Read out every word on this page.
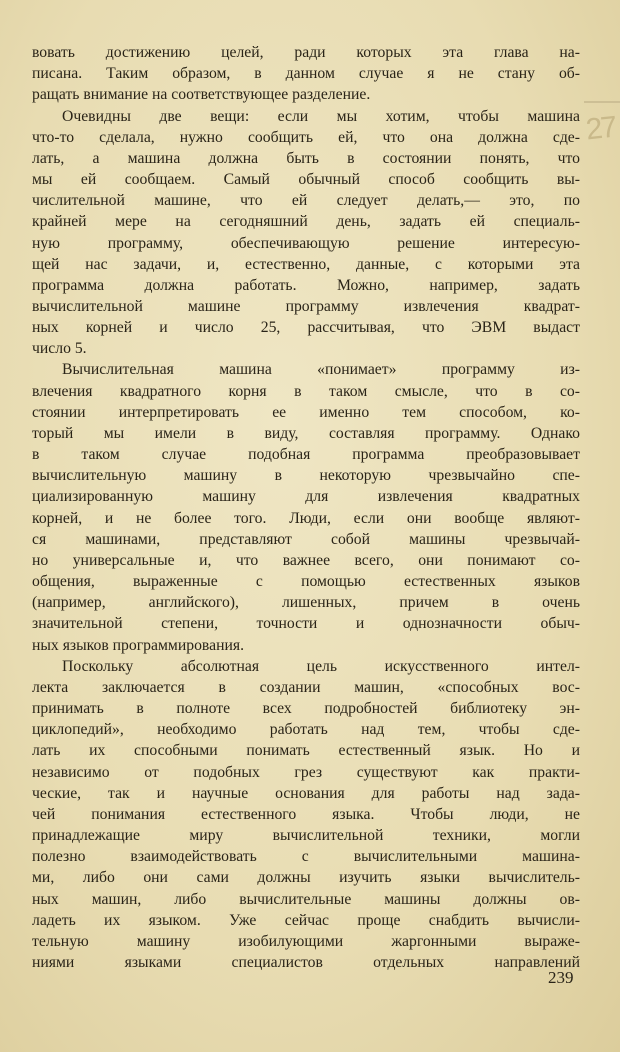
27
вовать достижению целей, ради которых эта глава на-
писана. Таким образом, в данном случае я не стану об-
ращать внимание на соответствующее разделение.
Очевидны две вещи: если мы хотим, чтобы машина
что-то сделала, нужно сообщить ей, что она должна сде-
лать, а машина должна быть в состоянии понять, что
мы ей сообщаем. Самый обычный способ сообщить вы-
числительной машине, что ей следует делать,— это, по
крайней мере на сегодняшний день, задать ей специаль-
ную программу, обеспечивающую решение интересую-
щей нас задачи, и, естественно, данные, с которыми эта
программа должна работать. Можно, например, задать
вычислительной машине программу извлечения квадрат-
ных корней и число 25, рассчитывая, что ЭВМ выдаст
число 5.
Вычислительная машина «понимает» программу из-
влечения квадратного корня в таком смысле, что в со-
стоянии интерпретировать ее именно тем способом, ко-
торый мы имели в виду, составляя программу. Однако
в таком случае подобная программа преобразовывает
вычислительную машину в некоторую чрезвычайно спе-
циализированную машину для извлечения квадратных
корней, и не более того. Люди, если они вообще являют-
ся машинами, представляют собой машины чрезвычай-
но универсальные и, что важнее всего, они понимают со-
общения, выраженные с помощью естественных языков
(например, английского), лишенных, причем в очень
значительной степени, точности и однозначности обыч-
ных языков программирования.
Поскольку абсолютная цель искусственного интел-
лекта заключается в создании машин, «способных вос-
принимать в полноте всех подробностей библиотеку эн-
циклопедий», необходимо работать над тем, чтобы сде-
лать их способными понимать естественный язык. Но и
независимо от подобных грез существуют как практи-
ческие, так и научные основания для работы над зада-
чей понимания естественного языка. Чтобы люди, не
принадлежащие миру вычислительной техники, могли
полезно взаимодействовать с вычислительными машина-
ми, либо они сами должны изучить языки вычислитель-
ных машин, либо вычислительные машины должны ов-
ладеть их языком. Уже сейчас проще снабдить вычисли-
тельную машину изобилующими жаргонными выраже-
ниями языками специалистов отдельных направлений
239
